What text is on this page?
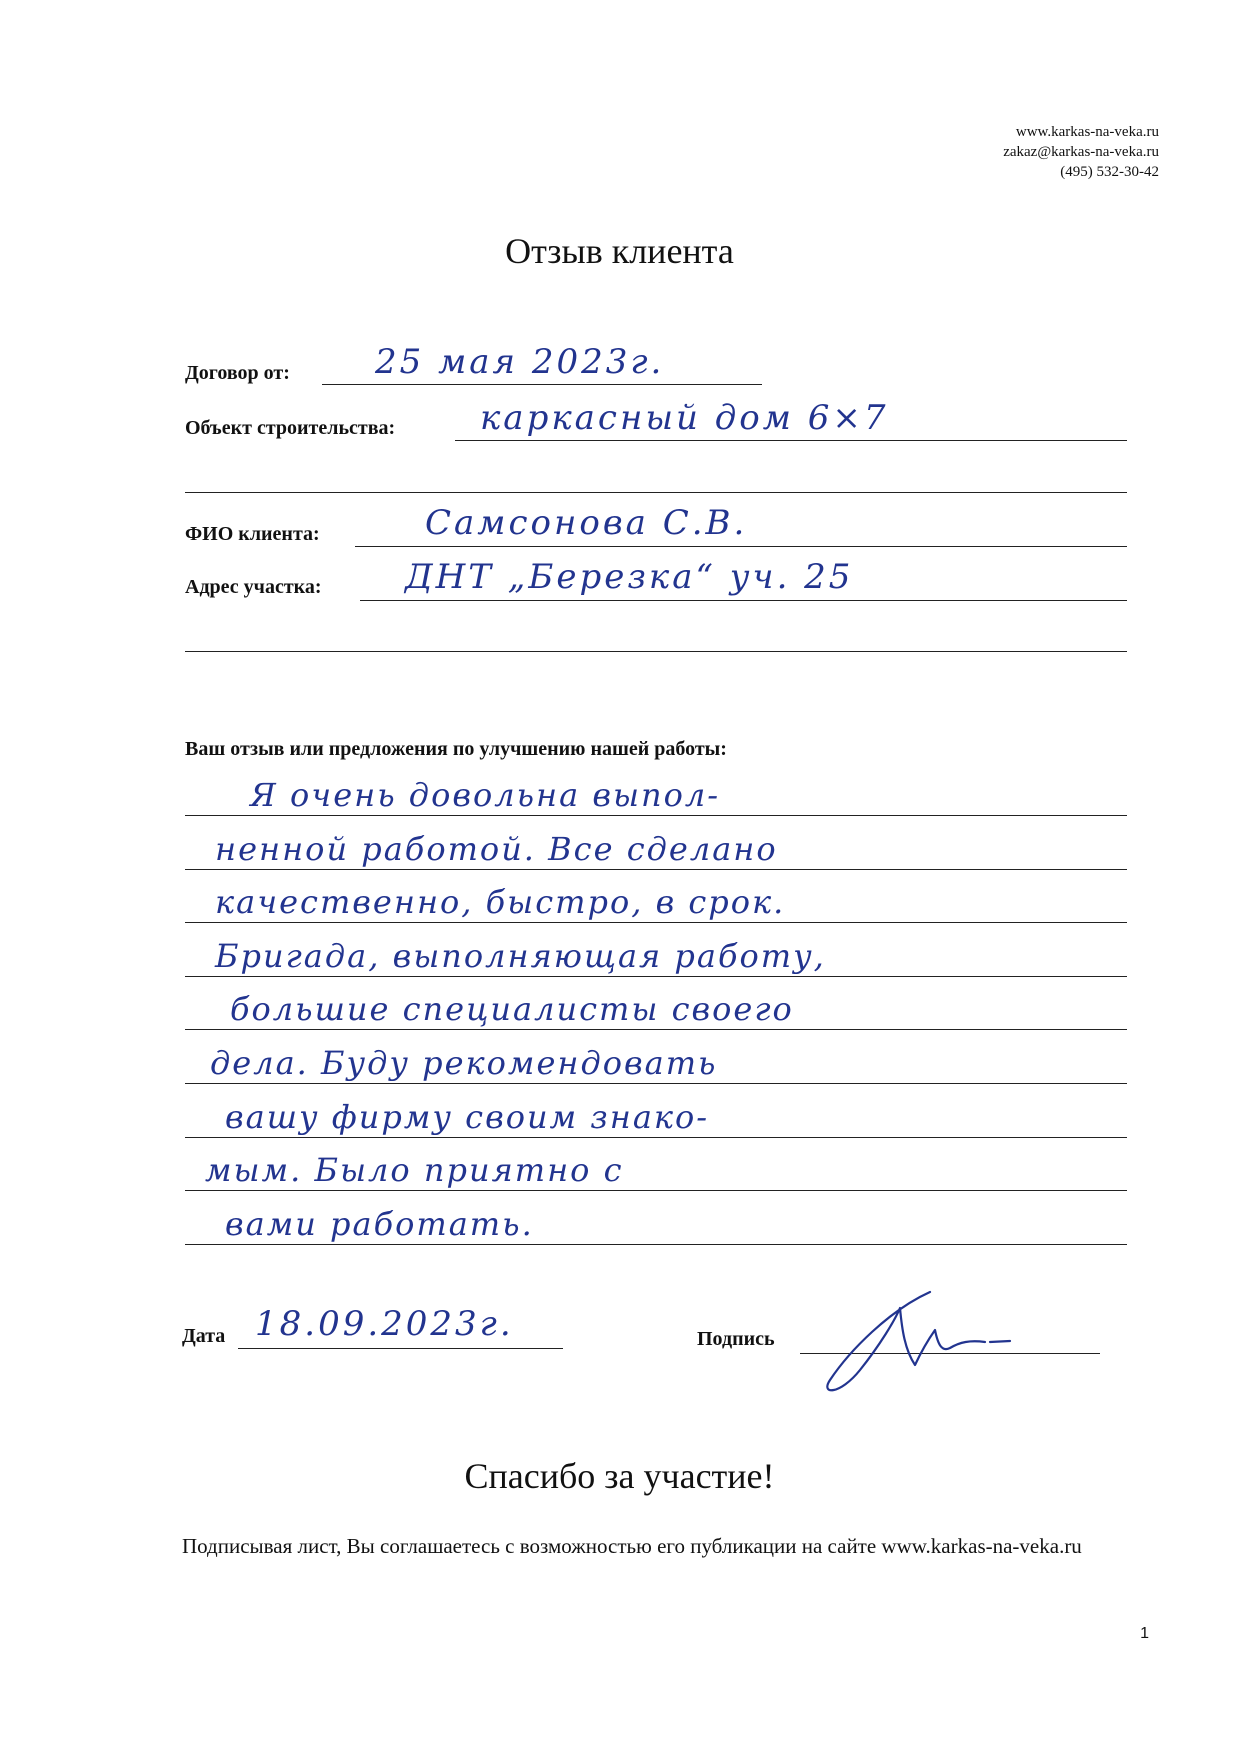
www.karkas-na-veka.ru
zakaz@karkas-na-veka.ru
(495) 532-30-42
Отзыв клиента
Договор от:	25 мая 2023г.
Объект строительства: каркасный дом 6×7
ФИО клиента:	Самсонова С.В.
Адрес участка: ДНТ „Березка“ уч. 25
Ваш отзыв или предложения по улучшению нашей работы:
Я очень довольна выпол-
ненной работой. Все сделано
качественно, быстро, в срок.
Бригада, выполняющая работу,
большие специалисты своего
дела. Буду рекомендовать
вашу фирму своим знако-
мым. Было приятно с
вами работать.
Дата 18.09.2023г.	Подпись
Спасибо за участие!
Подписывая лист, Вы соглашаетесь с возможностью его публикации на сайте www.karkas-na-veka.ru
1
